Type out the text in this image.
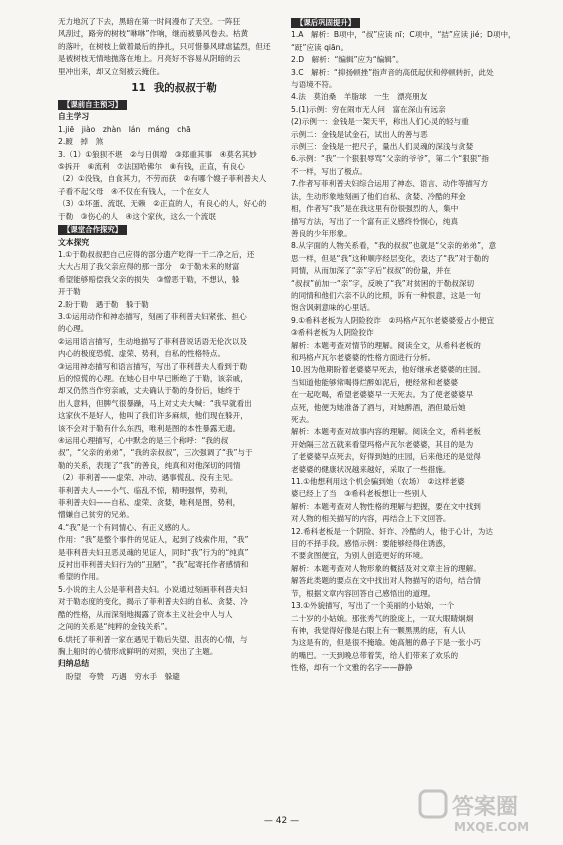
无力地沉了下去，黑暗在第一时间漫布了天空。一阵狂
风刮过，路旁的树枝“咻咻”作响，继而被暴风卷去。枯黄
的落叶，在树枝上做着最后的挣扎，只可惜暴风肆虐猛烈，但还
是被树枝无情地抛落在地上。月亮好不容易从阴暗的云
里冲出来，却又立刻被云掩住。
11 我的叔叔于勒
【课前自主预习】
自主学习
1.jiē　jiào　zhàn　lán　máng　chā
2.踱　掉　煞
3.（1）①狼狈不堪　②与日俱增　③郑重其事　④莫名其妙
⑤拆开　⑥流利　⑦法国哈佛尔　⑧有钱，正直，有良心
（2）①没钱，自食其力，不劳而获　②有哪个嫂子菲利普夫人
子看不起父母　④不仅在有钱人，一个在女人
（3）①坏蛋、流氓、无赖　②正直的人，有良心的人，好心的
于勒　③伤心的人　④这个家伙，这么一个流氓
【课堂合作探究】
文本探究
1.①于勒叔叔把自己应得的部分遗产吃得一干二净之后，还
大大占用了我父亲应得的那一部分　②于勒未来的财富
希望能够赔偿我父亲的损失　③憎恶于勒，不想认，躲
开于勒
2.盼于勒　遇于勒　躲于勒
3.①运用动作和神态描写，刻画了菲利普夫妇紧张、担心
的心理。
②运用语言描写，生动地描写了菲利普说话语无伦次以及
内心的极度恐慌、虚荣、势利，自私的性格特点。
③运用神态描写和语言描写，写出了菲利普夫人看到于勒
后的惊慌的心理。在她心目中早已断绝了于勒，该亲戚，
却又仍然当作穷亲戚，丈夫确认于勒的身份后，她终于
出人意料，但脾气很暴躁，马上对丈夫大喊：“我早就看出
这家伙不是好人，他叫了我们许多麻烦，他们现在躲开，
该不会对于勒有什么东西，唯利是图的本性暴露无遗。
④运用心理描写，心中默念的是三个称呼：“我的叔
叔”，“父亲的弟弟”，“我的亲叔叔”，三次强调了“我”与于
勒的关系，表现了“我”的善良，纯真和对他深切的同情
（2）菲利普——虚荣、冲动、遇事慌乱、没有主见。
菲利普夫人——小气、临乱不惊，精明强悍，势利，
菲利普夫妇——自私、虚荣、贪婪，唯利是图，势利，
憎嫌自己贫穷的兄弟。
4.“我”是一个有同情心、有正义感的人。
作用：“我”是整个事件的见证人，起到了线索作用，“我”
是菲利普夫妇丑恶灵魂的见证人，同时“我”行为的“纯真”
反衬出菲利普夫妇行为的“丑陋”，“我”起寄托作者感情和
希望的作用。
5.小说的主人公是菲利普夫妇。小说通过刻画菲利普夫妇
对于勒态度的变化，揭示了菲利普夫妇的自私、贪婪、冷
酷的性格，从而深刻地揭露了资本主义社会中人与人
之间的关系是“纯粹的金钱关系”。
6.烘托了菲利普一家在遇见于勒后失望、沮丧的心情，与
胸上船时的心情形成鲜明的对照，突出了主题。
归纳总结
盼望　夸赞　巧遇　穷水手　躲避
【课后巩固提升】
1.A　解析：B项中，“叔”应读 nī；C项中，“拮”应读 jié；D项中，
“跹”应读 qiān。
2.D　解析：“编辑”应为“编辑”。
3.C　解析：“抑扬顿挫”指声音的高低起伏和停顿转折，此处
与语境不符。
4.法　莫泊桑　羊脂球　一生　漂亮朋友
5.(1)示例：穷在闹市无人问　富在深山有远亲
(2)示例一：金钱是一架天平，称出人们心灵的轻与重
示例二：金钱是试金石，试出人的善与恶
示例三：金钱是一把尺子，量出人们灵魂的深浅与贪婪
6.示例：“我”一个狠狠辱骂“父亲的爷爷”，第二个“狠狠”指
不一样，写出了极点。
7.作者写菲利普夫妇综合运用了神态、语言、动作等描写方
法，生动形象地刻画了他们自私、贪婪、冷酷的拜金
相，作者写“我”是在我这里有份很强烈的人，集中
描写方法，写出了一个富有正义感终怜悯心，纯真
善良的少年形象。
8.从字面的人物关系看，“我的叔叔”也就是“父亲的弟弟”，意
思一样，但是“我”这种顺序经层变化，表达了“我”对于勒的
同情，从而加深了“亲”字后“叔叔”的份量，并在
“叔叔”前加一“亲”字，反映了“我”对贫困的于勒叔深切
的同情和他们六亲不认的比照，诉有一种恨意，这是一句
饱含讽刺意味的心里话。
9.①希科老板为人阴险狡诈　②玛格卢瓦尔老婆婆爱占小便宜
③希科老板为人阴险狡诈
解析：本题考查对情节的理解。阅读全文，从希科老板的
和玛格卢瓦尔老婆婆的性格方面进行分析。
10.因为他期盼着老婆婆早死去，他好继承老婆婆的庄园。
当知道他能够常喝得烂醉如泥后，便经常和老婆婆
在一起吃喝，希望老婆婆早一天死去。为了使老婆婆早
点死，他便为她准备了酒与，对她醉酒，酒但最后她
死去。
解析：本题考查对故事内容的理解。阅读全文，希科老板
开始隔三岔五就来看望玛格卢瓦尔老婆婆，其目的是为
了老婆婆早点死去，好得到她的庄园，后来他还的是觉得
老婆婆的健康状况越来越好，采取了一些措施。
11.①他想利用这个机会骗到她（农场）　②这样老婆
婆已经上了当　③希科老板想让一些别人
解析：本题考查对人物性格的理解与把握，要在文中找到
对人物的相关描写的内容，再结合上下文回答。
12.希科老板是一个阴险、奸诈、冷酷的人，他于心计，为达
目的不择手段。感悟示例：要能够经得住诱惑，
不要贪图便宜，为别人创造更好的环境。
解析：本题考查对人物形象的概括及对文章主旨的理解。
解答此类题的要点在文中找出对人物描写的语句，结合情
节，根据文章内容回答自己感悟出的道理。
13.①外貌描写，写出了一个美丽的小姑娘，一个
二十岁的小姑娘。那张秀气的脸庞上，一双大眼睛炯炯
有神，我觉得好像是右眼上有一颗黑黑的痣，有人认
为这是有的，但是很不掩瑜。她高翘的鼻子下是一张小巧
的嘴巴。一天到晚总带着笑，给人们带来了欢乐的
性格，却有一个文雅的名字——静静
— 42 —
答案圈
MXQE.COM
